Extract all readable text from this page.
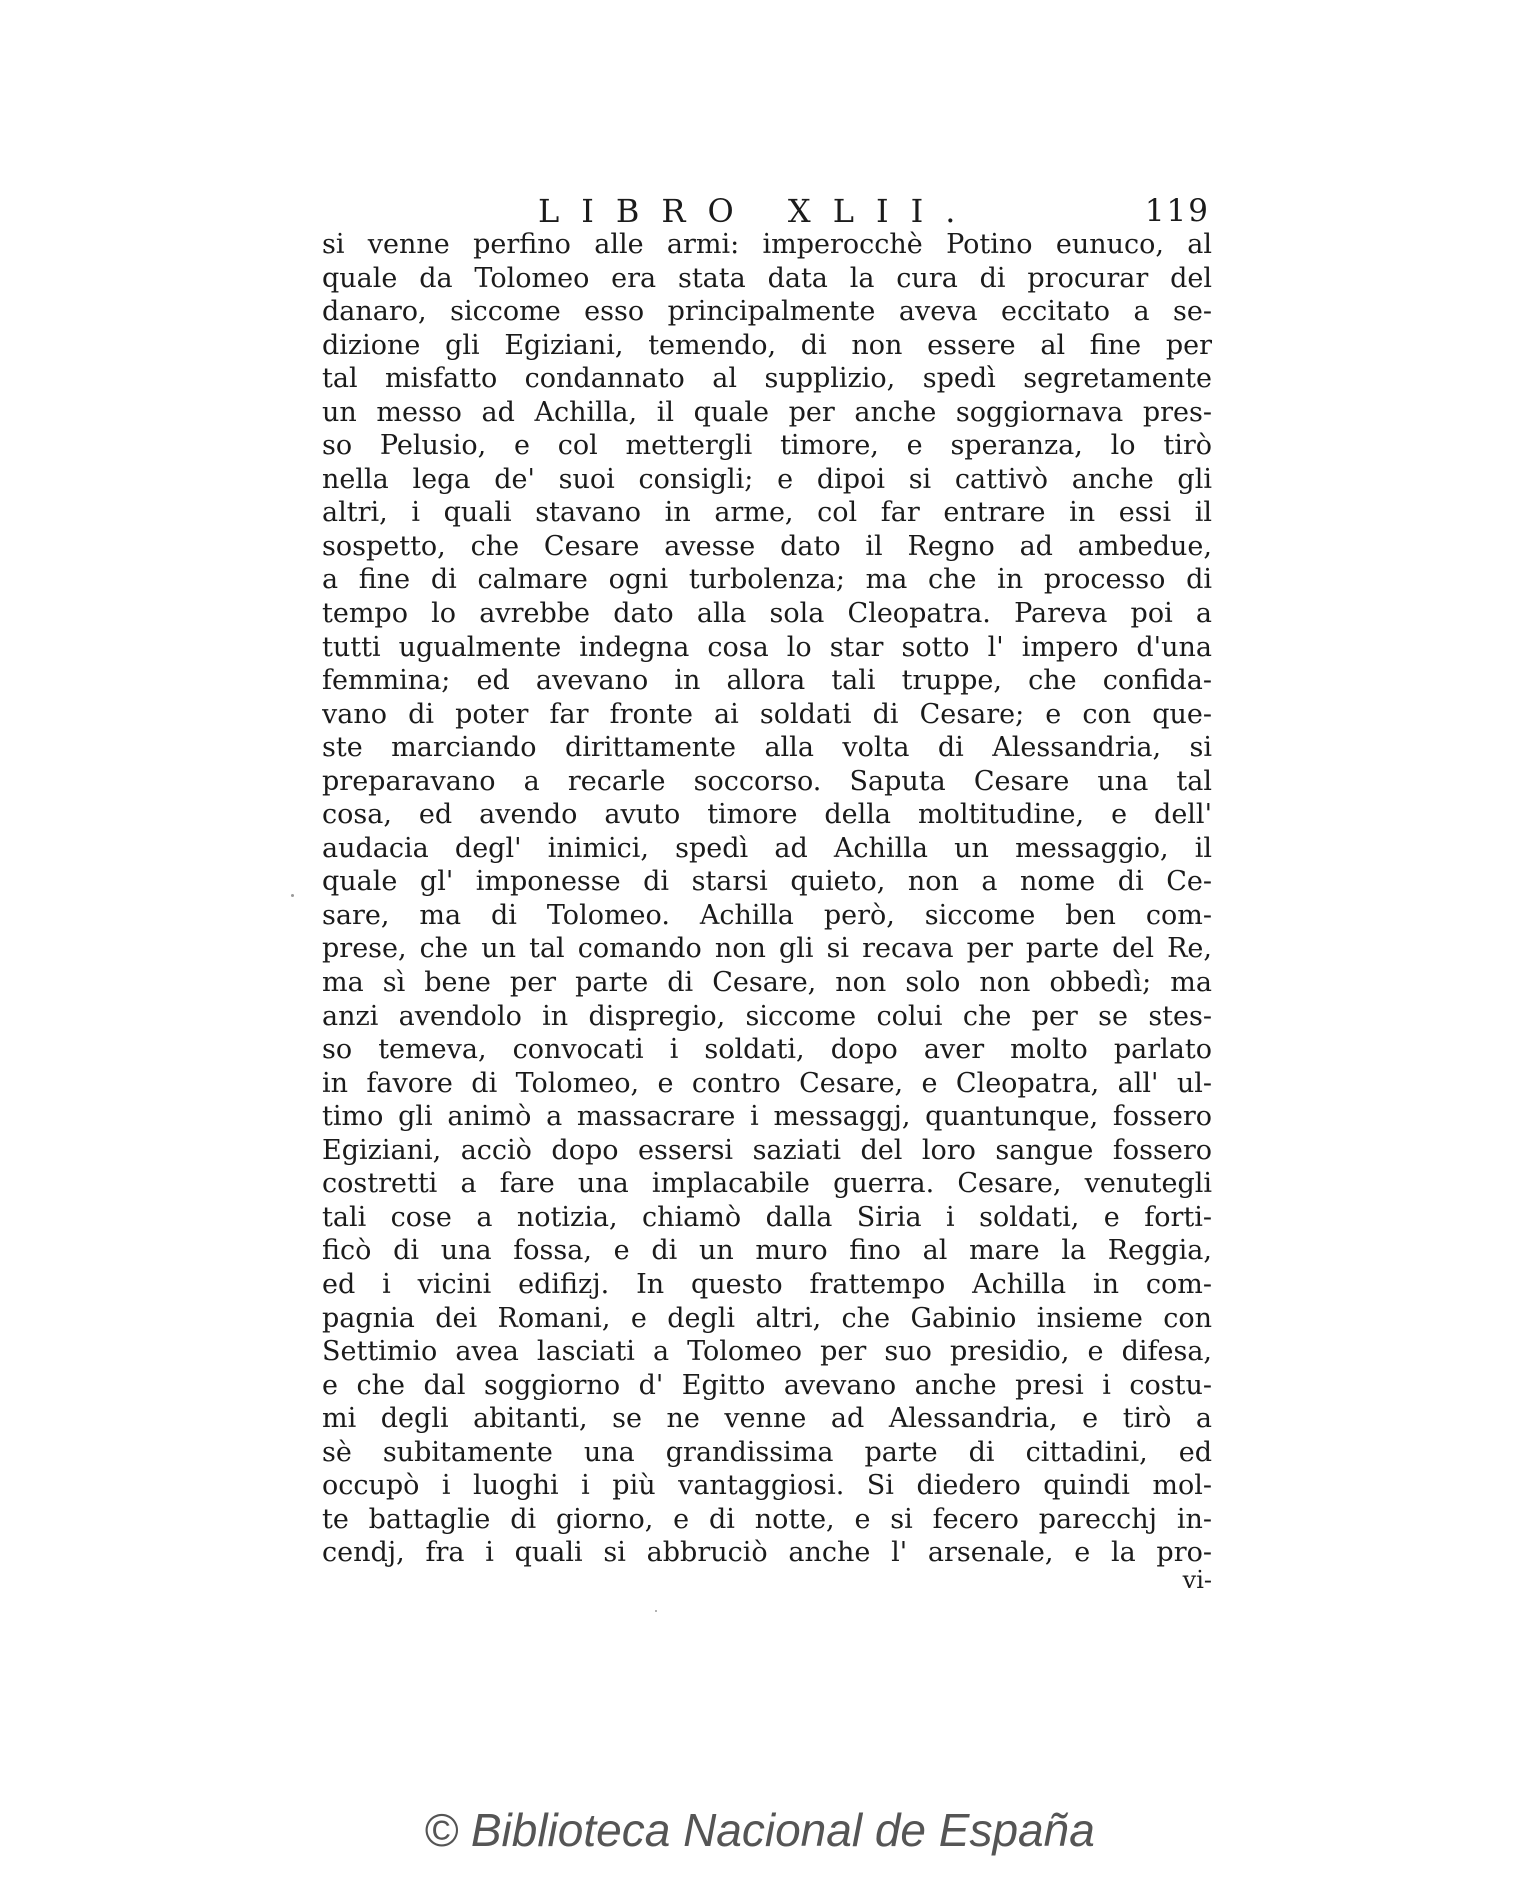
LIBRO XLII.	119
si venne perfino alle armi: imperocchè Potino eunuco, al
quale da Tolomeo era stata data la cura di procurar del
danaro, siccome esso principalmente aveva eccitato a se-
dizione gli Egiziani, temendo, di non essere al fine per
tal misfatto condannato al supplizio, spedì segretamente
un messo ad Achilla, il quale per anche soggiornava pres-
so Pelusio, e col mettergli timore, e speranza, lo tirò
nella lega de' suoi consigli; e dipoi si cattivò anche gli
altri, i quali stavano in arme, col far entrare in essi il
sospetto, che Cesare avesse dato il Regno ad ambedue,
a fine di calmare ogni turbolenza; ma che in processo di
tempo lo avrebbe dato alla sola Cleopatra. Pareva poi a
tutti ugualmente indegna cosa lo star sotto l' impero d'una
femmina; ed avevano in allora tali truppe, che confida-
vano di poter far fronte ai soldati di Cesare; e con que-
ste marciando dirittamente alla volta di Alessandria, si
preparavano a recarle soccorso. Saputa Cesare una tal
cosa, ed avendo avuto timore della moltitudine, e dell'
audacia degl' inimici, spedì ad Achilla un messaggio, il
quale gl' imponesse di starsi quieto, non a nome di Ce-
sare, ma di Tolomeo. Achilla però, siccome ben com-
prese, che un tal comando non gli si recava per parte del Re,
ma sì bene per parte di Cesare, non solo non obbedì; ma
anzi avendolo in dispregio, siccome colui che per se stes-
so temeva, convocati i soldati, dopo aver molto parlato
in favore di Tolomeo, e contro Cesare, e Cleopatra, all' ul-
timo gli animò a massacrare i messaggj, quantunque, fossero
Egiziani, acciò dopo essersi saziati del loro sangue fossero
costretti a fare una implacabile guerra. Cesare, venutegli
tali cose a notizia, chiamò dalla Siria i soldati, e forti-
ficò di una fossa, e di un muro fino al mare la Reggia,
ed i vicini edifizj. In questo frattempo Achilla in com-
pagnia dei Romani, e degli altri, che Gabinio insieme con
Settimio avea lasciati a Tolomeo per suo presidio, e difesa,
e che dal soggiorno d' Egitto avevano anche presi i costu-
mi degli abitanti, se ne venne ad Alessandria, e tirò a
sè subitamente una grandissima parte di cittadini, ed
occupò i luoghi i più vantaggiosi. Si diedero quindi mol-
te battaglie di giorno, e di notte, e si fecero parecchj in-
cendj, fra i quali si abbruciò anche l' arsenale, e la pro-
vi-
© Biblioteca Nacional de España
